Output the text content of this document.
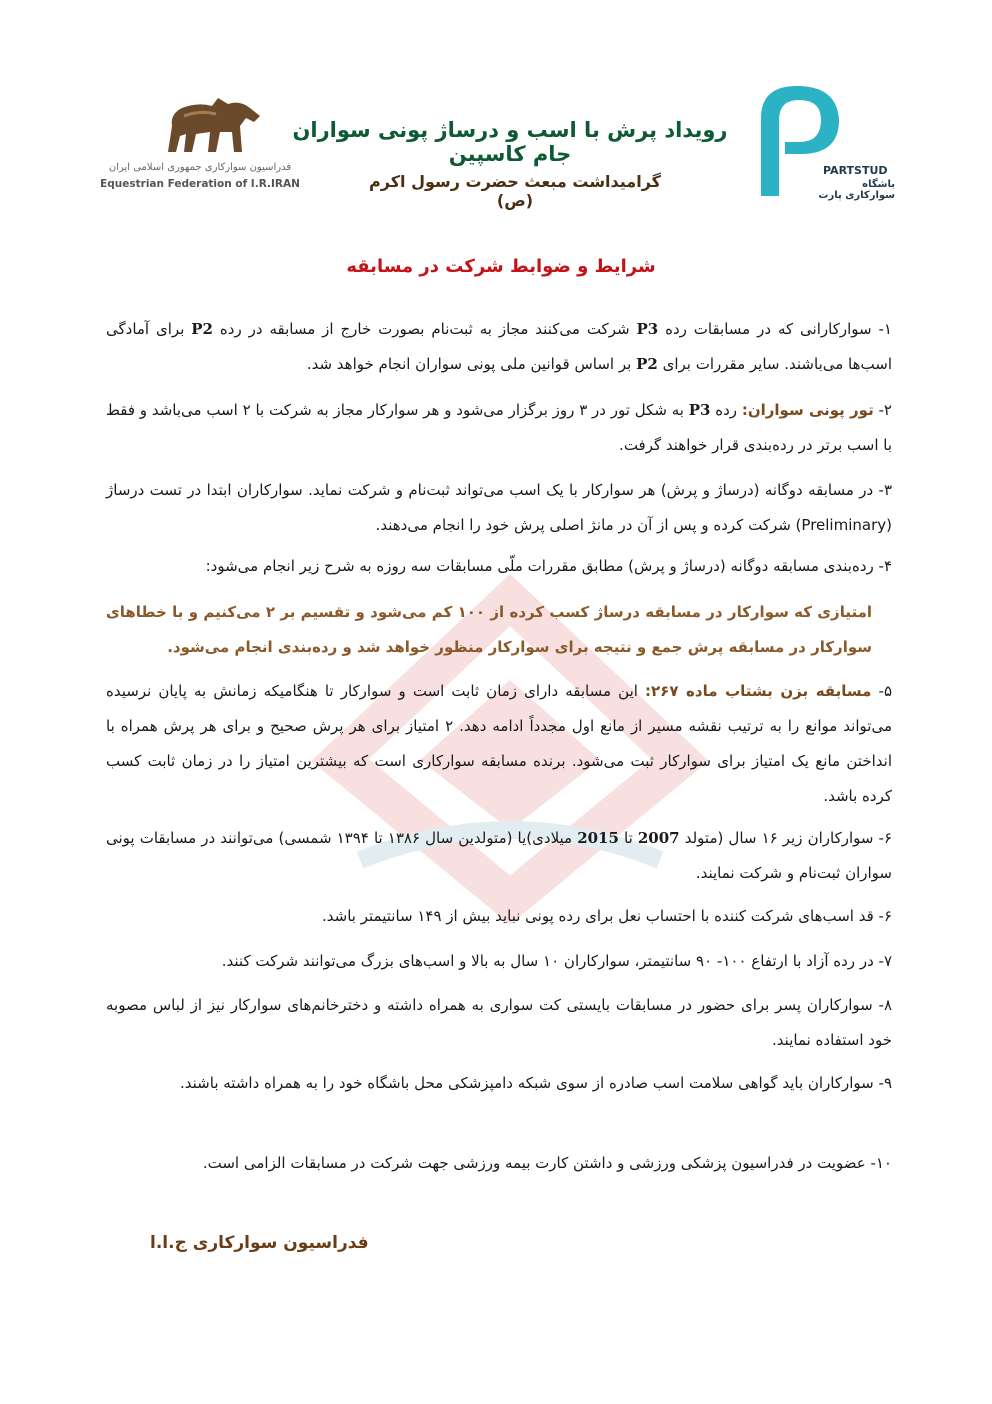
فدراسیون سوارکاری جمهوری اسلامی ایران
Equestrian Federation of I.R.IRAN
PARTSTUD
باشگاه سوارکاری پارت
رویداد پرش با اسب و درساژ پونی سواران جام کاسپین
گرامیداشت مبعث حضرت رسول اکرم (ص)
شرایط و ضوابط شرکت در مسابقه
۱- سوارکارانی که در مسابقات رده P3 شرکت می‌کنند مجاز به ثبت‌نام بصورت خارج از مسابقه در رده P2 برای آمادگی اسب‌ها می‌باشند. سایر مقررات برای P2 بر اساس قوانین ملی پونی سواران انجام خواهد شد.
۲- تور پونی سواران: رده P3 به شکل تور در ۳ روز برگزار می‌شود و هر سوارکار مجاز به شرکت با ۲ اسب می‌باشد و فقط با اسب برتر در رده‌بندی قرار خواهند گرفت.
۳- در مسابقه دوگانه (درساژ و پرش) هر سوارکار با یک اسب می‌تواند ثبت‌نام و شرکت نماید. سوارکاران ابتدا در تست درساژ (Preliminary) شرکت کرده و پس از آن در مانژ اصلی پرش خود را انجام می‌دهند.
۴- رده‌بندی مسابقه دوگانه (درساژ و پرش) مطابق مقررات ملّی مسابقات سه روزه به شرح زیر انجام می‌شود:
امتیازی که سوارکار در مسابقه درساژ کسب کرده از ۱۰۰ کم می‌شود و تقسیم بر ۲ می‌کنیم و با خطاهای سوارکار در مسابقه پرش جمع و نتیجه برای سوارکار منظور خواهد شد و رده‌بندی انجام می‌شود.
۵- مسابقه بزن بشتاب ماده ۲۶۷: این مسابقه دارای زمان ثابت است و سوارکار تا هنگامیکه زمانش به پایان نرسیده می‌تواند موانع را به ترتیب نقشه مسیر از مانع اول مجدداً ادامه دهد. ۲ امتیاز برای هر پرش صحیح و برای هر پرش همراه با انداختن مانع یک امتیاز برای سوارکار ثبت می‌شود. برنده مسابقه سوارکاری است که بیشترین امتیاز را در زمان ثابت کسب کرده باشد.
۶- سوارکاران زیر ۱۶ سال (متولد 2007 تا 2015 میلادی)یا (متولدین سال ۱۳۸۶ تا ۱۳۹۴ شمسی) می‌توانند در مسابقات پونی سواران ثبت‌نام و شرکت نمایند.
۶- قد اسب‌های شرکت کننده با احتساب نعل برای رده پونی نباید بیش از ۱۴۹ سانتیمتر باشد.
۷- در رده آزاد با ارتفاع ۱۰۰- ۹۰ سانتیمتر، سوارکاران ۱۰ سال به بالا و اسب‌های بزرگ می‌توانند شرکت کنند.
۸- سوارکاران پسر برای حضور در مسابقات بایستی کت سواری به همراه داشته و دخترخانم‌های سوارکار نیز از لباس مصوبه خود استفاده نمایند.
۹- سوارکاران باید گواهی سلامت اسب صادره از سوی شبکه دامپزشکی محل باشگاه خود را به همراه داشته باشند.
۱۰- عضویت در فدراسیون پزشکی ورزشی و داشتن کارت بیمه ورزشی جهت شرکت در مسابقات الزامی است.
فدراسیون سوارکاری ج.ا.ا
